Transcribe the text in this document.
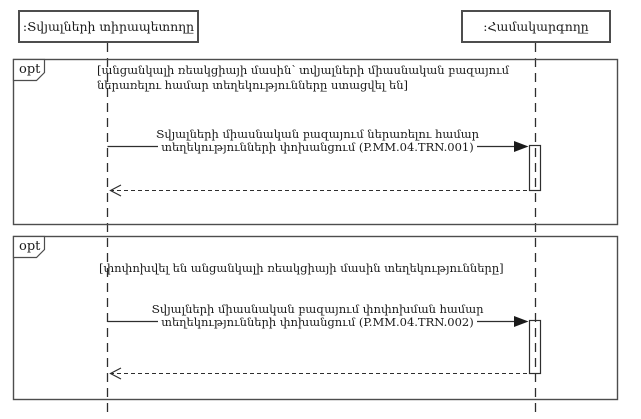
:Տվյալների տիրապետողը	:Համակարգողը
opt	[անցանկալի ռեակցիայի մասին՝ տվյալների միասնական բազայում
ներառելու համար տեղեկությունները ստացվել են]
Տվյալների միասնական բազայում ներառելու համար
տեղեկությունների փոխանցում (P.MM.04.TRN.001)
opt
[փոփոխվել են անցանկալի ռեակցիայի մասին տեղեկությունները]
Տվյալների միասնական բազայում փոփոխման համար
տեղեկությունների փոխանցում (P.MM.04.TRN.002)
